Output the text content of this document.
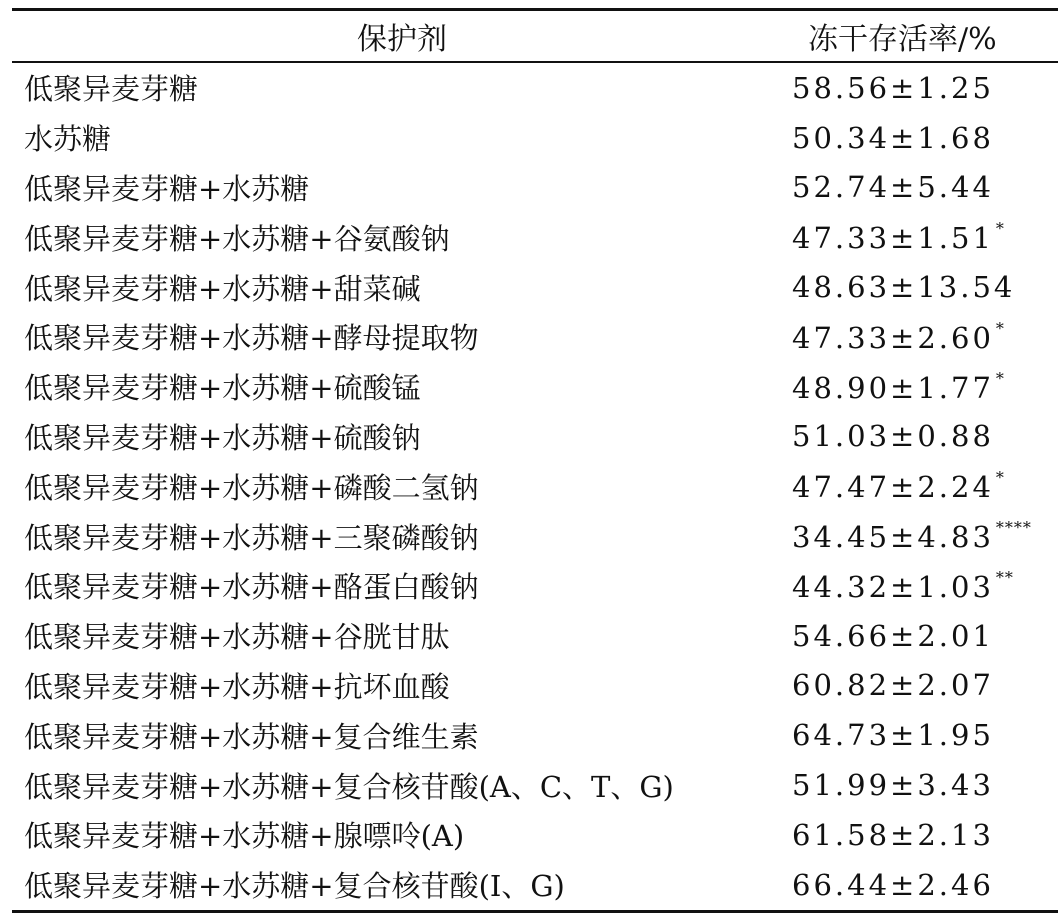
保护剂	冻干存活率/%
低聚异麦芽糖	58.56±1.25
水苏糖	50.34±1.68
低聚异麦芽糖+水苏糖	52.74±5.44
低聚异麦芽糖+水苏糖+谷氨酸钠	47.33±1.51 *
低聚异麦芽糖+水苏糖+甜菜碱	48.63±13.54
低聚异麦芽糖+水苏糖+酵母提取物	47.33±2.60 *
低聚异麦芽糖+水苏糖+硫酸锰	48.90±1.77 *
低聚异麦芽糖+水苏糖+硫酸钠	51.03±0.88
低聚异麦芽糖+水苏糖+磷酸二氢钠	47.47±2.24 *
低聚异麦芽糖+水苏糖+三聚磷酸钠	34.45±4.83 ****
低聚异麦芽糖+水苏糖+酪蛋白酸钠	44.32±1.03 **
低聚异麦芽糖+水苏糖+谷胱甘肽	54.66±2.01
低聚异麦芽糖+水苏糖+抗坏血酸	60.82±2.07
低聚异麦芽糖+水苏糖+复合维生素	64.73±1.95
低聚异麦芽糖+水苏糖+复合核苷酸(A、C、T、G)	51.99±3.43
低聚异麦芽糖+水苏糖+腺嘌呤(A)	61.58±2.13
低聚异麦芽糖+水苏糖+复合核苷酸(I、G)	66.44±2.46
